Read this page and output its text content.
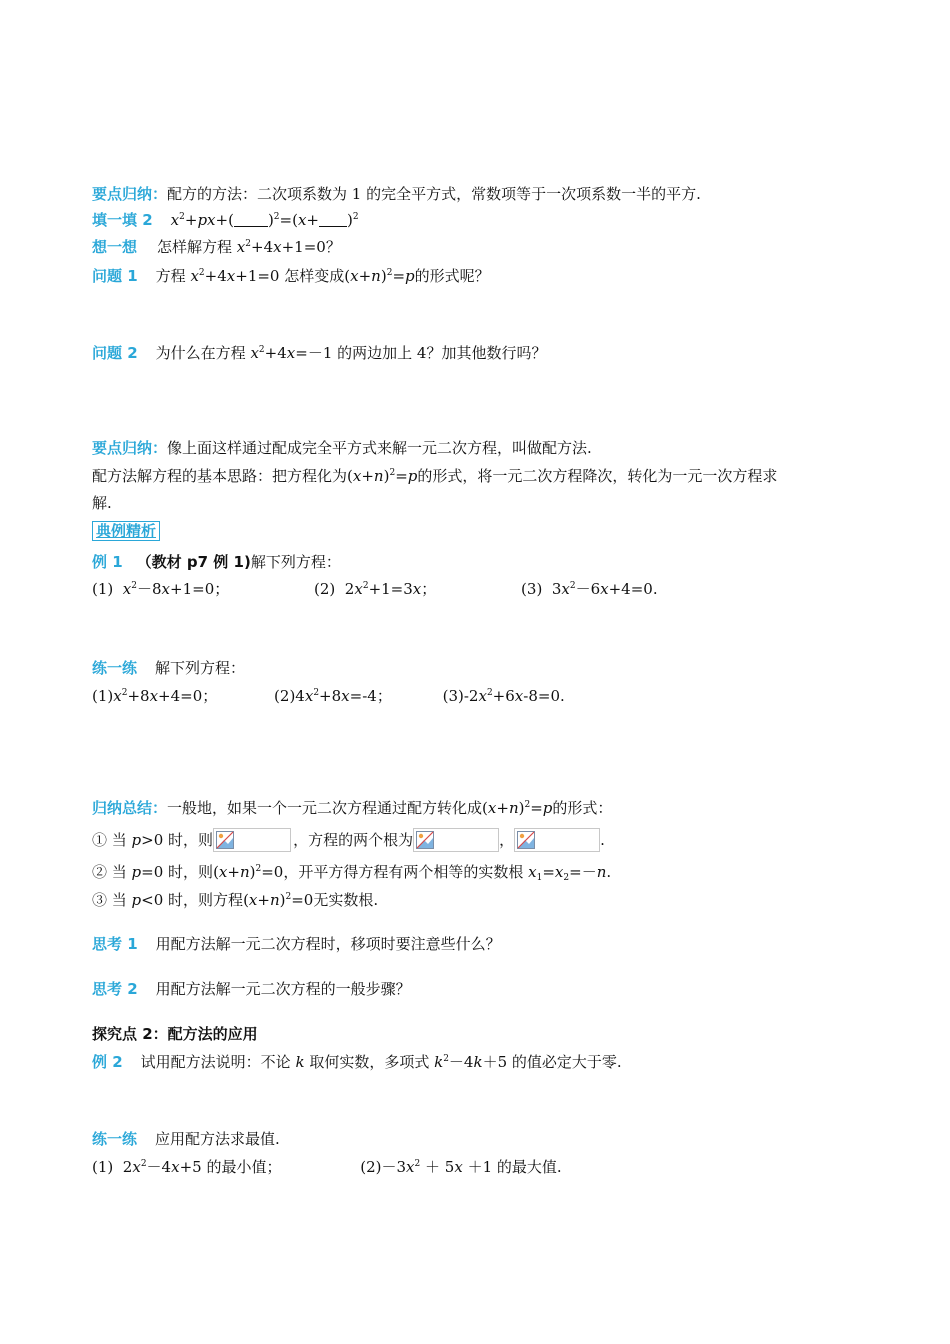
要点归纳：配方的方法：二次项系数为 1 的完全平方式，常数项等于一次项系数一半的平方.
填一填 2 $x^2+px+$( )$^2=(x+ )^2$
想一想 怎样解方程 $x^2+4x+1=0$？
问题 1 方程 $x^2+4x+1=0$ 怎样变成$(x+n)^2=p$的形式呢？
问题 2 为什么在方程 $x^2+4x=-1$ 的两边加上 4？加其他数行吗？
要点归纳：像上面这样通过配成完全平方式来解一元二次方程，叫做配方法.
配方法解方程的基本思路：把方程化为$(x+n)^2=p$的形式，将一元二次方程降次，转化为一元一次方程求
解.
典例精析
例 1 （教材 p7 例 1)解下列方程：
(1) $x^2-8x+1=0$；	(2)  $2x^2+1=3x$；	(3)  $3x^2-6x+4=0$.
练一练 解下列方程：
$(1)x^2+8x+4=0$；	$(2)4x^2+8x=-4$；	$(3)-2x^2+6x-8=0$.
归纳总结：一般地，如果一个一元二次方程通过配方转化成$(x+n)^2=p$的形式：
① 当 p>0 时，则	，方程的两个根为	，	.
② 当 p=0 时，则$(x+n)^2=0$，开平方得方程有两个相等的实数根 $x_1=x_2=-n$.
③ 当 p<0 时，则方程$(x+n)^2=0$无实数根.
思考 1 用配方法解一元二次方程时，移项时要注意些什么？
思考 2 用配方法解一元二次方程的一般步骤？
探究点 2：配方法的应用
例 2 试用配方法说明：不论 k 取何实数，多项式 $k^2-4k+5$ 的值必定大于零.
练一练 应用配方法求最值.
(1)  $2x^2-4x+5$ 的最小值；	$(2)-3x^2 + 5x +1$ 的最大值.
